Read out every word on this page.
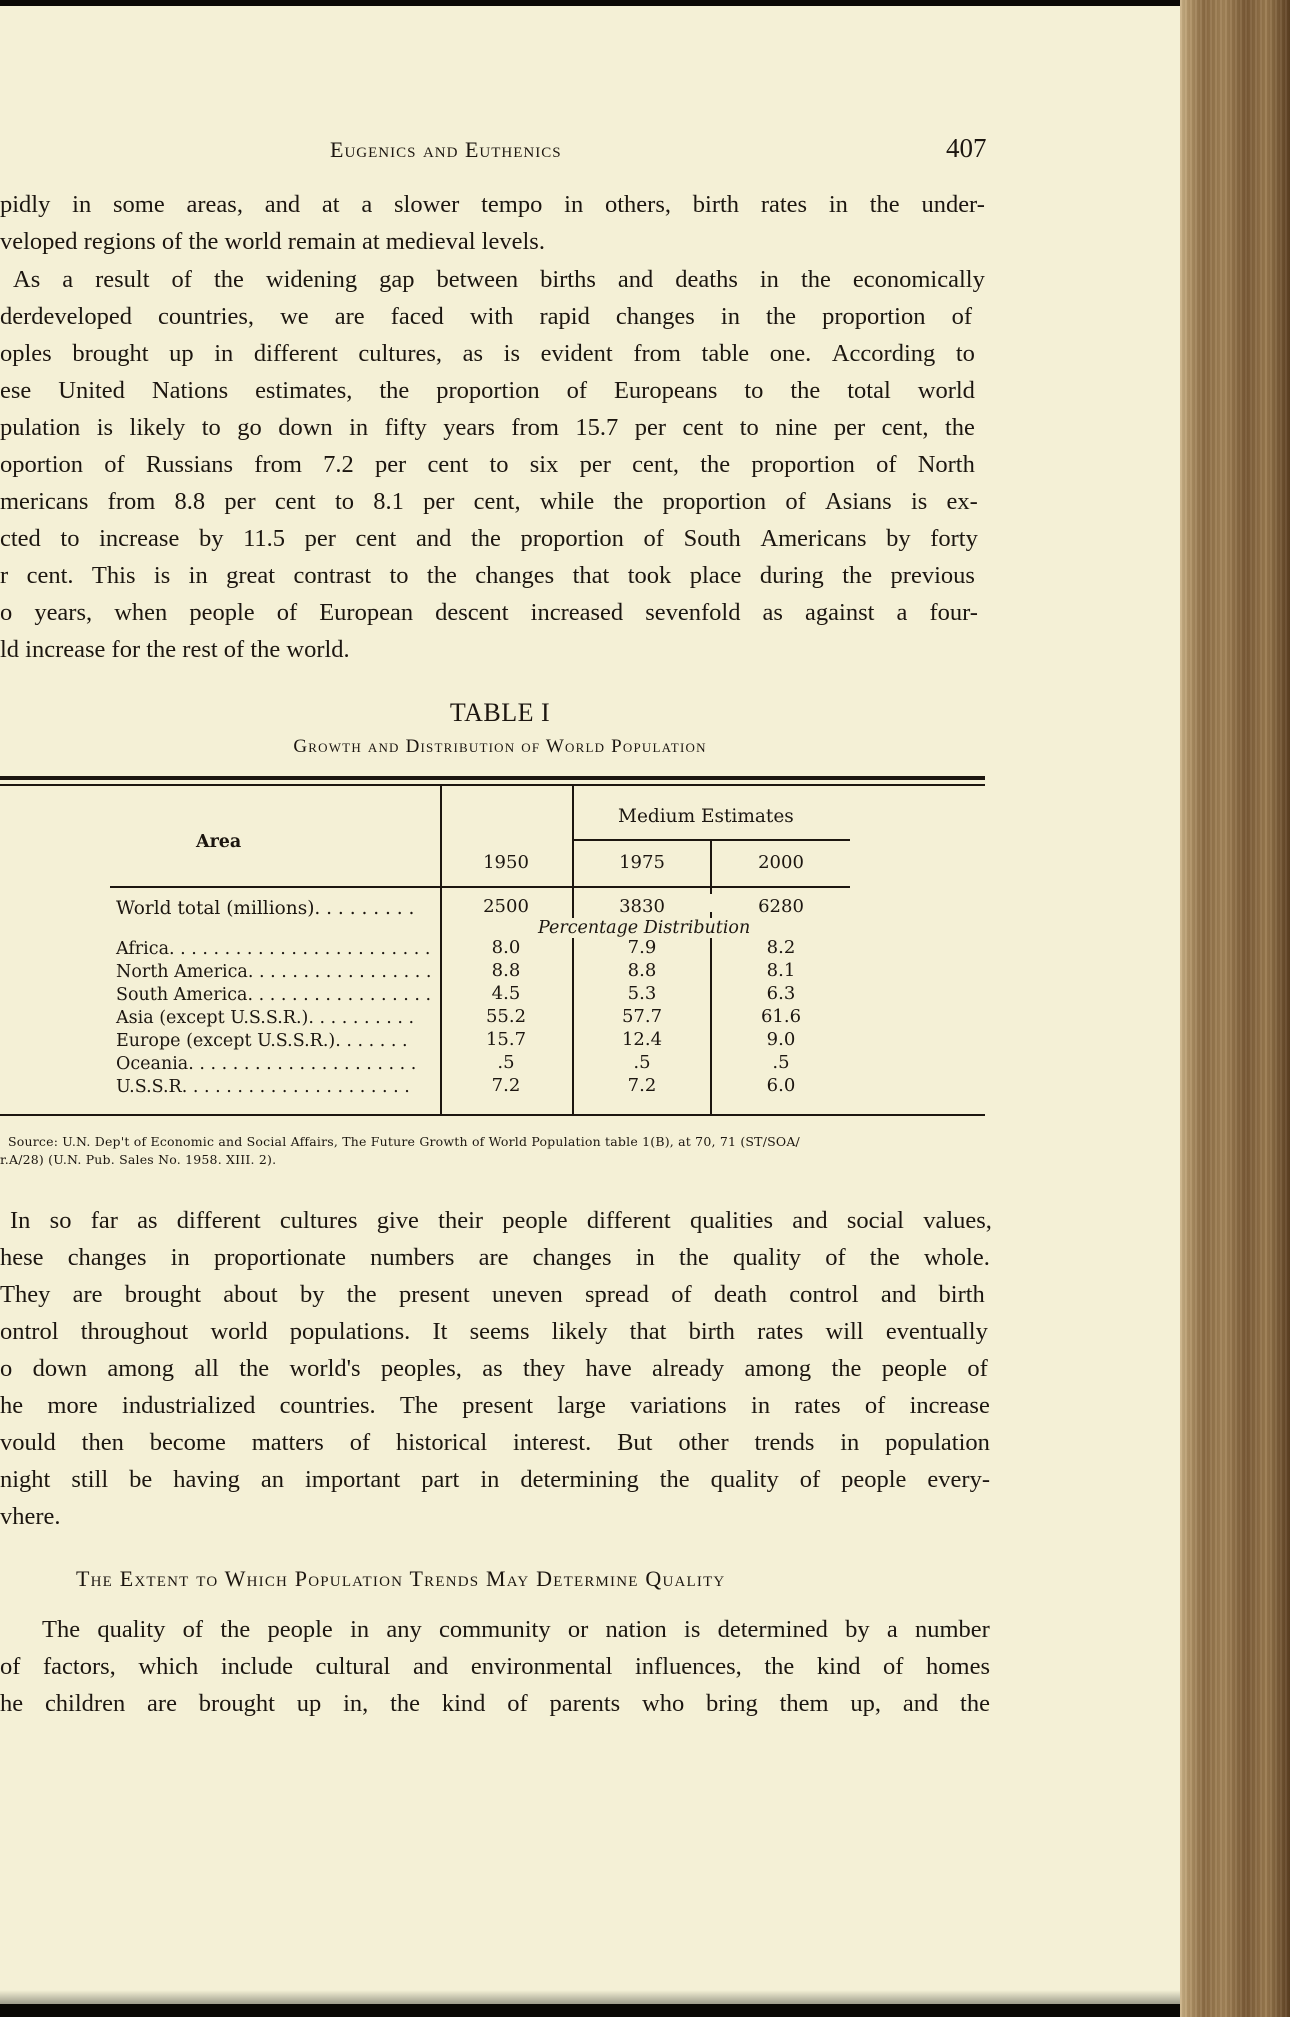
Eugenics and Euthenics	407
pidly in some areas, and at a slower tempo in others, birth rates in the under-
veloped regions of the world remain at medieval levels.
As a result of the widening gap between births and deaths in the economically
derdeveloped countries, we are faced with rapid changes in the proportion of
oples brought up in different cultures, as is evident from table one. According to
ese United Nations estimates, the proportion of Europeans to the total world
pulation is likely to go down in fifty years from 15.7 per cent to nine per cent, the
oportion of Russians from 7.2 per cent to six per cent, the proportion of North
mericans from 8.8 per cent to 8.1 per cent, while the proportion of Asians is ex-
cted to increase by 11.5 per cent and the proportion of South Americans by forty
r cent. This is in great contrast to the changes that took place during the previous
o years, when people of European descent increased sevenfold as against a four-
ld increase for the rest of the world.
TABLE I
Growth and Distribution of World Population
Area
Medium Estimates
1950	1975	2000
World total (millions). . . . . . . . .	2500	3830	6280
Percentage Distribution
Africa. . . . . . . . . . . . . . . . . . . . . . . .	8.0	7.9	8.2
North America. . . . . . . . . . . . . . . . .	8.8	8.8	8.1
South America. . . . . . . . . . . . . . . . .	4.5	5.3	6.3
Asia (except U.S.S.R.). . . . . . . . . .	55.2	57.7	61.6
Europe (except U.S.S.R.). . . . . . .	15.7	12.4	9.0
Oceania. . . . . . . . . . . . . . . . . . . . .	.5	.5	.5
U.S.S.R. . . . . . . . . . . . . . . . . . . . .	7.2	7.2	6.0
Source: U.N. Dep't of Economic and Social Affairs, The Future Growth of World Population table 1(B), at 70, 71 (ST/SOA/
r.A/28) (U.N. Pub. Sales No. 1958. XIII. 2).
In so far as different cultures give their people different qualities and social values,
hese changes in proportionate numbers are changes in the quality of the whole.
They are brought about by the present uneven spread of death control and birth
ontrol throughout world populations. It seems likely that birth rates will eventually
o down among all the world's peoples, as they have already among the people of
he more industrialized countries. The present large variations in rates of increase
vould then become matters of historical interest. But other trends in population
night still be having an important part in determining the quality of people every-
vhere.
The Extent to Which Population Trends May Determine Quality
The quality of the people in any community or nation is determined by a number
of factors, which include cultural and environmental influences, the kind of homes
he children are brought up in, the kind of parents who bring them up, and the
